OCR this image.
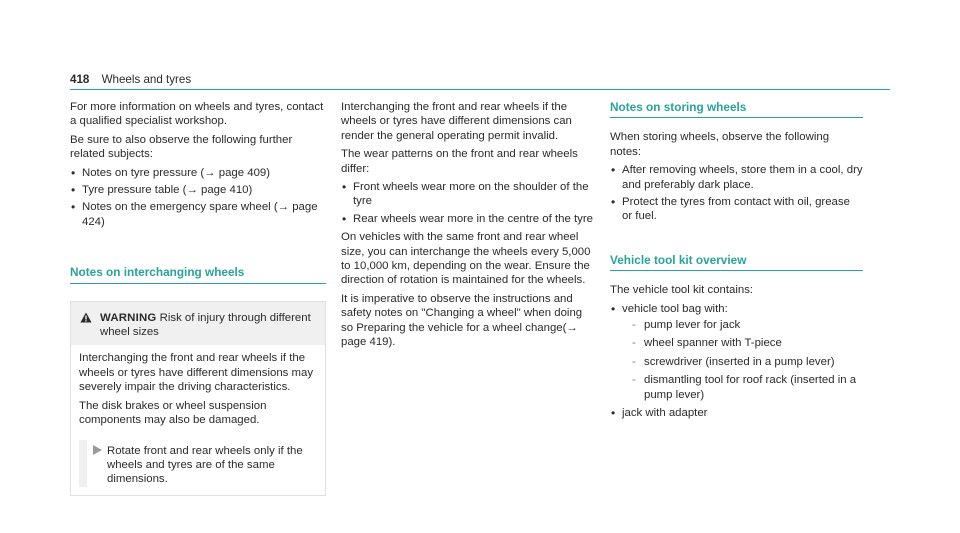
418 Wheels and tyres

For more information on wheels and tyres, contact a qualified specialist workshop.

Be sure to also observe the following further related subjects:

• Notes on tyre pressure (→ page 409)
• Tyre pressure table (→ page 410)
• Notes on the emergency spare wheel (→ page 424)
Notes on interchanging wheels
WARNING Risk of injury through different wheel sizes

Interchanging the front and rear wheels if the wheels or tyres have different dimensions may severely impair the driving characteristics.

The disk brakes or wheel suspension components may also be damaged.

Rotate front and rear wheels only if the wheels and tyres are of the same dimensions.

Interchanging the front and rear wheels if the wheels or tyres have different dimensions can render the general operating permit invalid.

The wear patterns on the front and rear wheels differ:

• Front wheels wear more on the shoulder of the tyre
• Rear wheels wear more in the centre of the tyre

On vehicles with the same front and rear wheel size, you can interchange the wheels every 5,000 to 10,000 km, depending on the wear. Ensure the direction of rotation is maintained for the wheels.

It is imperative to observe the instructions and safety notes on "Changing a wheel" when doing so Preparing the vehicle for a wheel change(→ page 419).

Notes on storing wheels

When storing wheels, observe the following notes:

• After removing wheels, store them in a cool, dry and preferably dark place.
• Protect the tyres from contact with oil, grease or fuel.
Vehicle tool kit overview

The vehicle tool kit contains:

• vehicle tool bag with:
- pump lever for jack
- wheel spanner with T-piece
- screwdriver (inserted in a pump lever)
- dismantling tool for roof rack (inserted in a pump lever)
• jack with adapter
